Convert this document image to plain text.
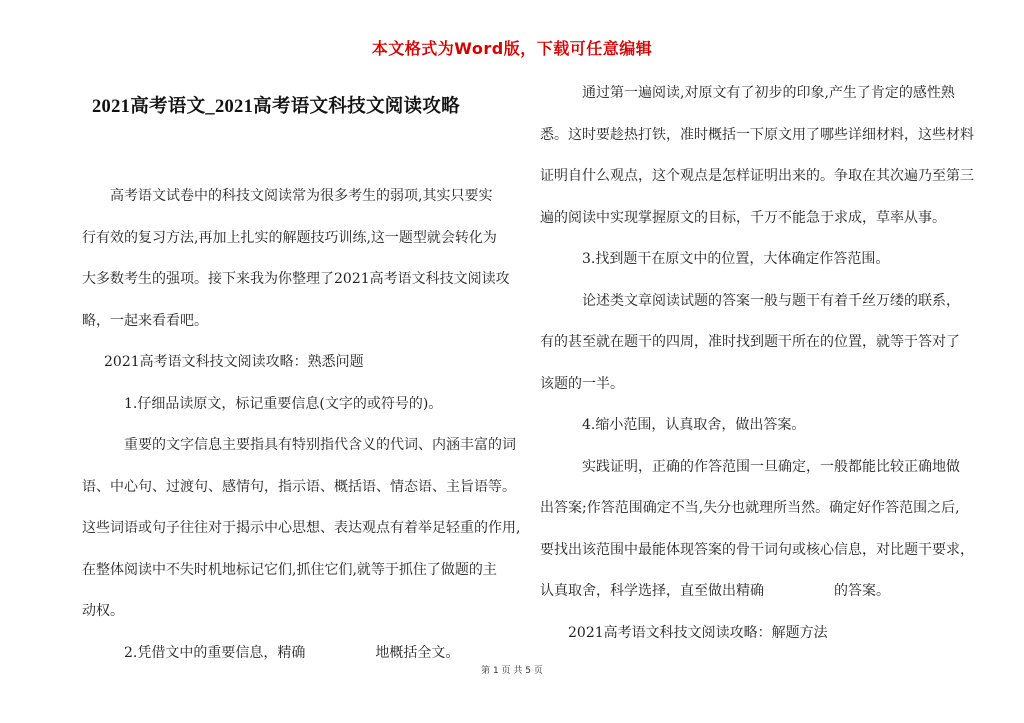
本文格式为Word版，下载可任意编辑
2021高考语文_2021高考语文科技文阅读攻略
高考语文试卷中的科技文阅读常为很多考生的弱项,其实只要实
行有效的复习方法,再加上扎实的解题技巧训练,这一题型就会转化为
大多数考生的强项。接下来我为你整理了2021高考语文科技文阅读攻
略，一起来看看吧。
2021高考语文科技文阅读攻略：熟悉问题
1.仔细品读原文，标记重要信息(文字的或符号的)。
重要的文字信息主要指具有特别指代含义的代词、内涵丰富的词
语、中心句、过渡句、感情句，指示语、概括语、情态语、主旨语等。
这些词语或句子往往对于揭示中心思想、表达观点有着举足轻重的作用,
在整体阅读中不失时机地标记它们,抓住它们,就等于抓住了做题的主
动权。
2.凭借文中的重要信息，精确	地概括全文。
通过第一遍阅读,对原文有了初步的印象,产生了肯定的感性熟
悉。这时要趁热打铁，准时概括一下原文用了哪些详细材料，这些材料
证明自什么观点，这个观点是怎样证明出来的。争取在其次遍乃至第三
遍的阅读中实现掌握原文的目标，千万不能急于求成，草率从事。
3.找到题干在原文中的位置，大体确定作答范围。
论述类文章阅读试题的答案一般与题干有着千丝万缕的联系，
有的甚至就在题干的四周，准时找到题干所在的位置，就等于答对了
该题的一半。
4.缩小范围，认真取舍，做出答案。
实践证明，正确的作答范围一旦确定，一般都能比较正确地做
出答案;作答范围确定不当,失分也就理所当然。确定好作答范围之后,
要找出该范围中最能体现答案的骨干词句或核心信息，对比题干要求，
认真取舍，科学选择，直至做出精确	的答案。
2021高考语文科技文阅读攻略：解题方法
第 1 页 共 5 页
